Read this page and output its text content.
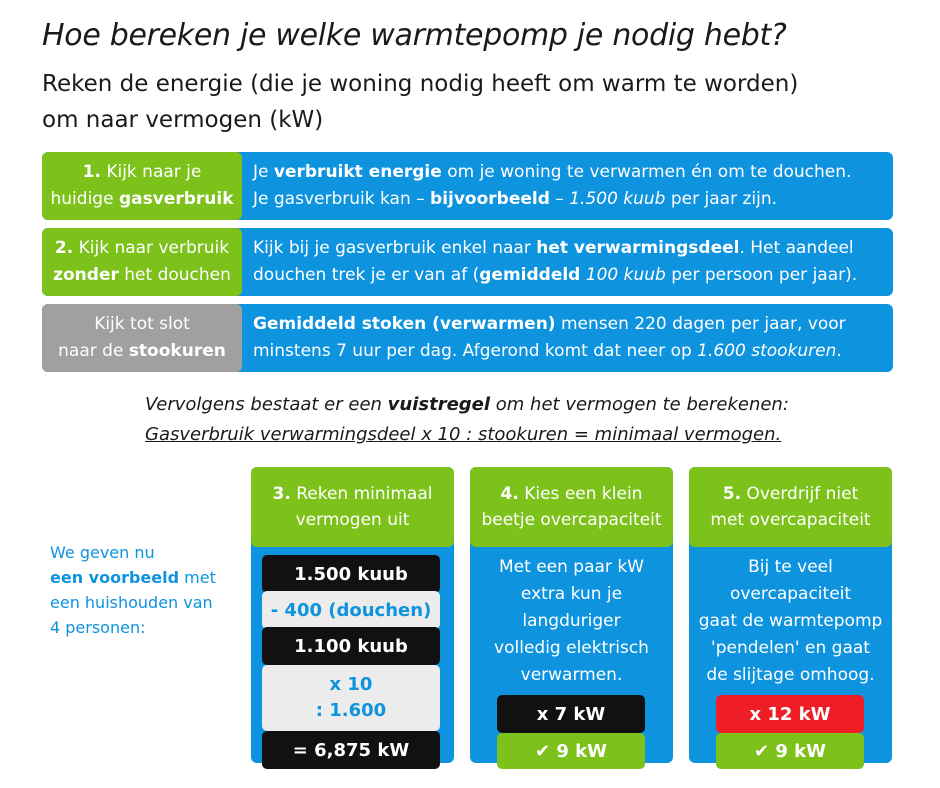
Hoe bereken je welke warmtepomp je nodig hebt?
Reken de energie (die je woning nodig heeft om warm te worden)
om naar vermogen (kW)
1. Kijk naar je
huidige gasverbruik
Je verbruikt energie om je woning te verwarmen én om te douchen.
Je gasverbruik kan – bijvoorbeeld – 1.500 kuub per jaar zijn.
2. Kijk naar verbruik
zonder het douchen
Kijk bij je gasverbruik enkel naar het verwarmingsdeel. Het aandeel
douchen trek je er van af (gemiddeld 100 kuub per persoon per jaar).
Kijk tot slot
naar de stookuren
Gemiddeld stoken (verwarmen) mensen 220 dagen per jaar, voor
minstens 7 uur per dag. Afgerond komt dat neer op 1.600 stookuren.
Vervolgens bestaat er een vuistregel om het vermogen te berekenen:
Gasverbruik verwarmingsdeel x 10 : stookuren = minimaal vermogen.
We geven nu
een voorbeeld met
een huishouden van
4 personen:
3. Reken minimaal
vermogen uit
1.500 kuub
- 400 (douchen)
1.100 kuub
x 10
: 1.600
= 6,875 kW
4. Kies een klein
beetje overcapaciteit
Met een paar kW
extra kun je
langduriger
volledig elektrisch
verwarmen.
x 7 kW
✔ 9 kW
5. Overdrijf niet
met overcapaciteit
Bij te veel
overcapaciteit
gaat de warmtepomp
'pendelen' en gaat
de slijtage omhoog.
x 12 kW
✔ 9 kW
